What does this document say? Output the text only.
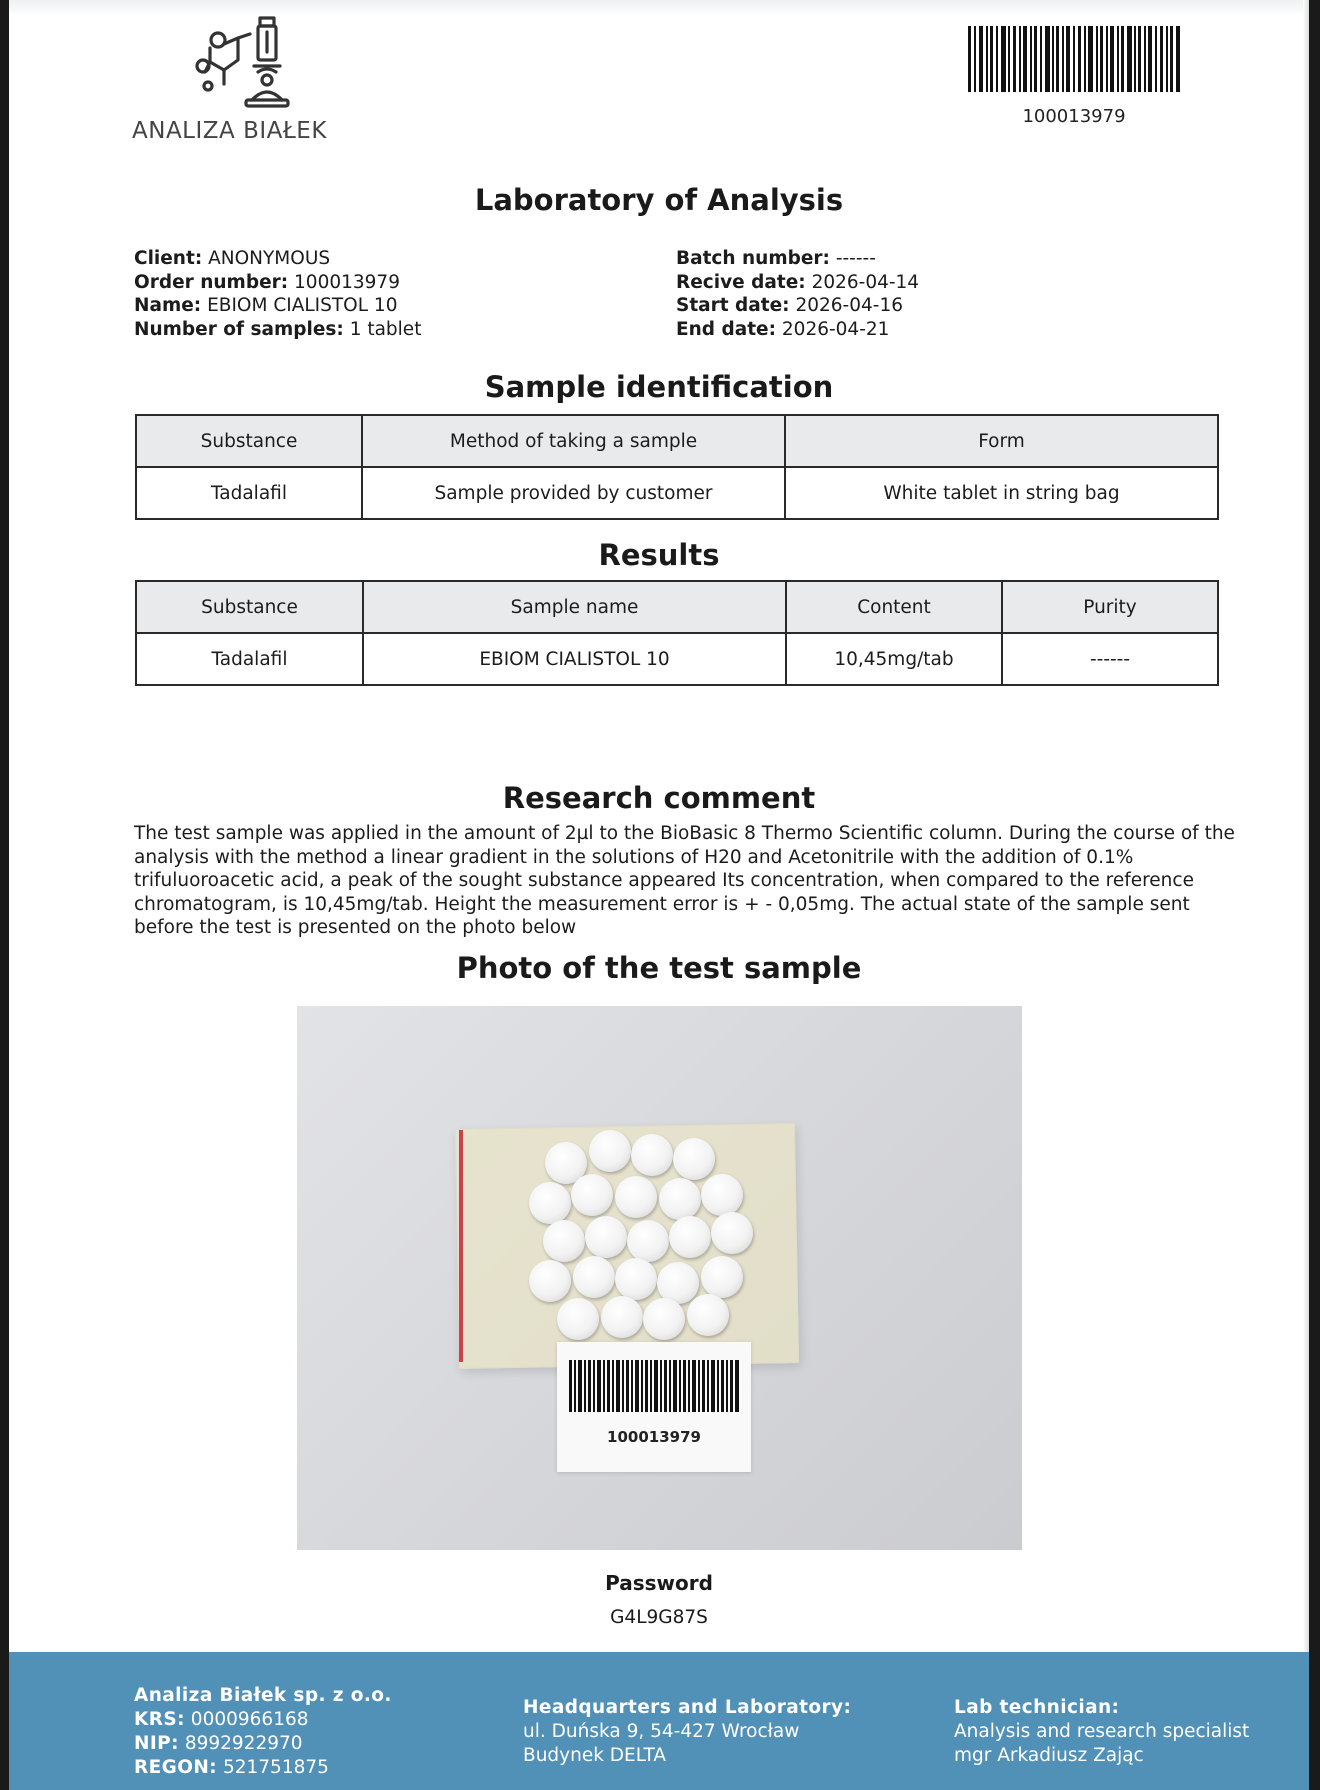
ANALIZA BIAŁEK
100013979
Laboratory of Analysis
Client: ANONYMOUS
Order number: 100013979
Name: EBIOM CIALISTOL 10
Number of samples: 1 tablet
Batch number: ------
Recive date: 2026-04-14
Start date: 2026-04-16
End date: 2026-04-21
Sample identification
Substance	Method of taking a sample	Form
Tadalafil	Sample provided by customer	White tablet in string bag
Results
Substance	Sample name	Content	Purity
Tadalafil	EBIOM CIALISTOL 10	10,45mg/tab	------
Research comment
The test sample was applied in the amount of 2µl to the BioBasic 8 Thermo Scientific column. During the course of the analysis with the method a linear gradient in the solutions of H20 and Acetonitrile with the addition of 0.1% trifuluoroacetic acid, a peak of the sought substance appeared Its concentration, when compared to the reference chromatogram, is 10,45mg/tab. Height the measurement error is + - 0,05mg. The actual state of the sample sent before the test is presented on the photo below
Photo of the test sample
100013979
Password
G4L9G87S
Analiza Białek sp. z o.o.
KRS: 0000966168
NIP: 8992922970
REGON: 521751875
Headquarters and Laboratory:
ul. Duńska 9, 54-427 Wrocław
Budynek DELTA
Lab technician:
Analysis and research specialist
mgr Arkadiusz Zając
